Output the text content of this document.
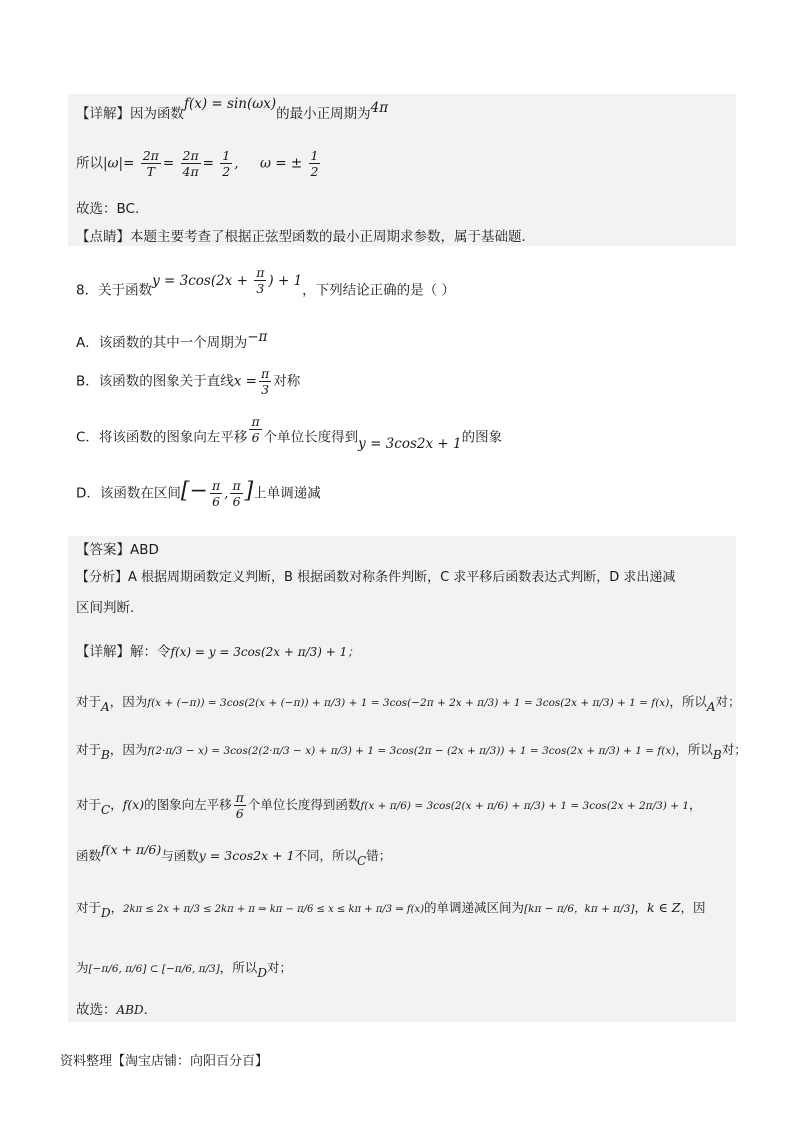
【详解】因为函数f(x) = sin(ωx)的最小正周期为4π
所以$|\omega|= \frac{2\pi}{T} = \frac{2\pi}{4\pi} = \frac{1}{2}$ ,     ω = ± $\frac{1}{2}$
故选：BC.
【点睛】本题主要考查了根据正弦型函数的最小正周期求参数，属于基础题.
8．关于函数$y = 3\cos(2x + \frac{\pi}{3}$ ) + 1，下列结论正确的是（ ）
A．该函数的其中一个周期为−π
B．该函数的图象关于直线$x = \frac{\pi}{3}$ 对称
C．将该函数的图象向左平移 $\frac{\pi}{6}$ 个单位长度得到y = 3cos2x + 1的图象
D．该函数在区间[− $\frac{\pi}{6}$ , $\frac{\pi}{6}$ ]上单调递减
【答案】ABD
【分析】A 根据周期函数定义判断，B 根据函数对称条件判断，C 求平移后函数表达式判断，D 求出递减
区间判断.
【详解】解：令f(x) = y = 3cos(2x + π/3) + 1；
对于A，因为f(x + (−π)) = 3cos(2(x + (−π)) + π/3) + 1 = 3cos(−2π + 2x + π/3) + 1 = 3cos(2x + π/3) + 1 = f(x)，所以A对；
对于B，因为f(2·π/3 − x) = 3cos(2(2·π/3 − x) + π/3) + 1 = 3cos(2π − (2x + π/3)) + 1 = 3cos(2x + π/3) + 1 = f(x)，所以B对；
对于C，f(x)的图象向左平移 $\frac{\pi}{6}$ 个单位长度得到函数f(x + π/6) = 3cos(2(x + π/6) + π/3) + 1 = 3cos(2x + 2π/3) + 1，
函数f(x + π/6)与函数y = 3cos2x + 1不同，所以C错；
对于D，2kπ ≤ 2x + π/3 ≤ 2kπ + π ⇒ kπ − π/6 ≤ x ≤ kπ + π/3 ⇒ f(x)的单调递减区间为[kπ − π/6，kπ + π/3]，k ∈ Z，因
为[−π/6, π/6] ⊂ [−π/6, π/3]，所以D对；
故选：ABD.
资料整理【淘宝店铺：向阳百分百】
